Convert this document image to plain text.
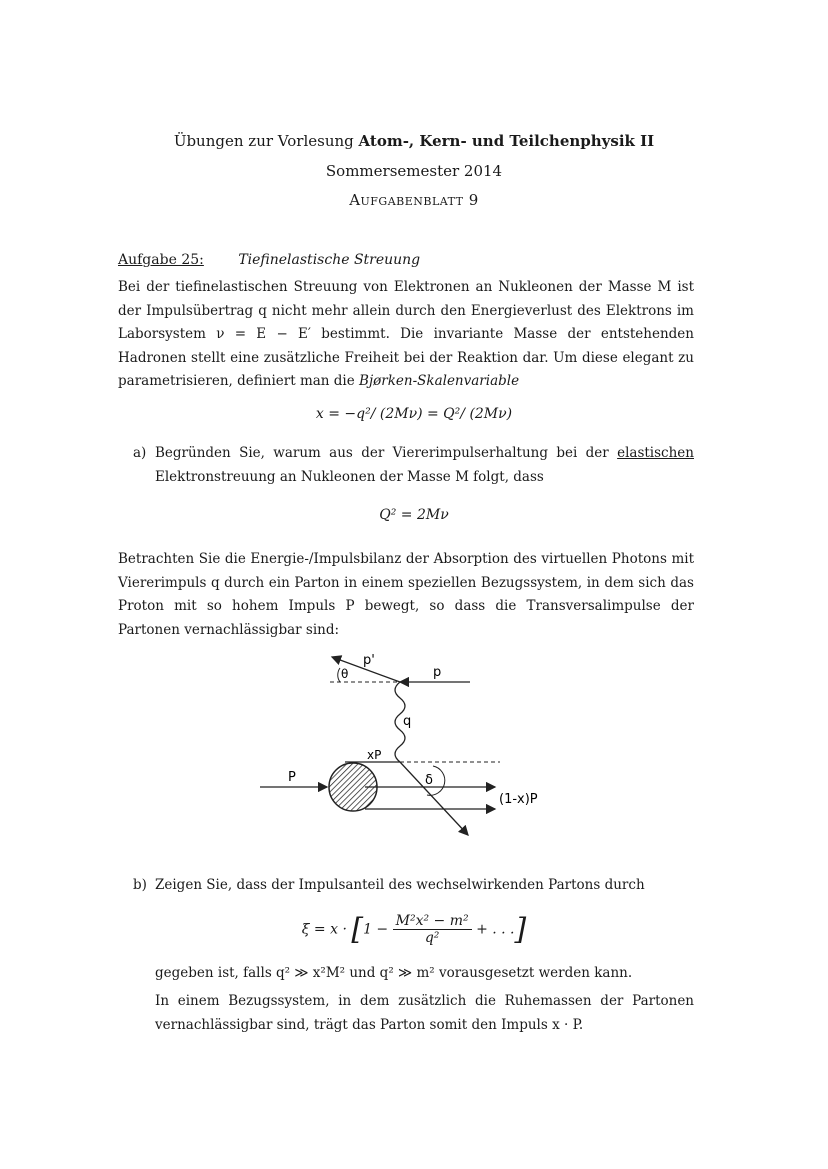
Übungen zur Vorlesung Atom-, Kern- und Teilchenphysik II
Sommersemester 2014
Aufgabenblatt 9
Aufgabe 25: Tiefinelastische Streuung
Bei der tiefinelastischen Streuung von Elektronen an Nukleonen der Masse M ist der Impulsübertrag q nicht mehr allein durch den Energieverlust des Elektrons im Laborsystem ν = E − E′ bestimmt. Die invariante Masse der entstehenden Hadronen stellt eine zusätzliche Freiheit bei der Reaktion dar. Um diese elegant zu parametrisieren, definiert man die Bjørken-Skalenvariable
x = −q²/ (2Mν) = Q²/ (2Mν)
a) Begründen Sie, warum aus der Viererimpulserhaltung bei der elastischen Elektronstreuung an Nukleonen der Masse M folgt, dass
Q² = 2Mν
Betrachten Sie die Energie-/Impulsbilanz der Absorption des virtuellen Photons mit Viererimpuls q durch ein Parton in einem speziellen Bezugssystem, in dem sich das Proton mit so hohem Impuls P bewegt, so dass die Transversalimpulse der Partonen vernachlässigbar sind:
p'
θ	p
q
xP
δ
P
(1-x)P
b) Zeigen Sie, dass der Impulsanteil des wechselwirkenden Partons durch
$\xi = x \cdot [1 - \frac{\text{M²x² − m²}}{\text{q²}}$ + . . .]
gegeben ist, falls q² ≫ x²M² und q² ≫ m² vorausgesetzt werden kann.
In einem Bezugssystem, in dem zusätzlich die Ruhemassen der Partonen vernachlässigbar sind, trägt das Parton somit den Impuls x · P.
